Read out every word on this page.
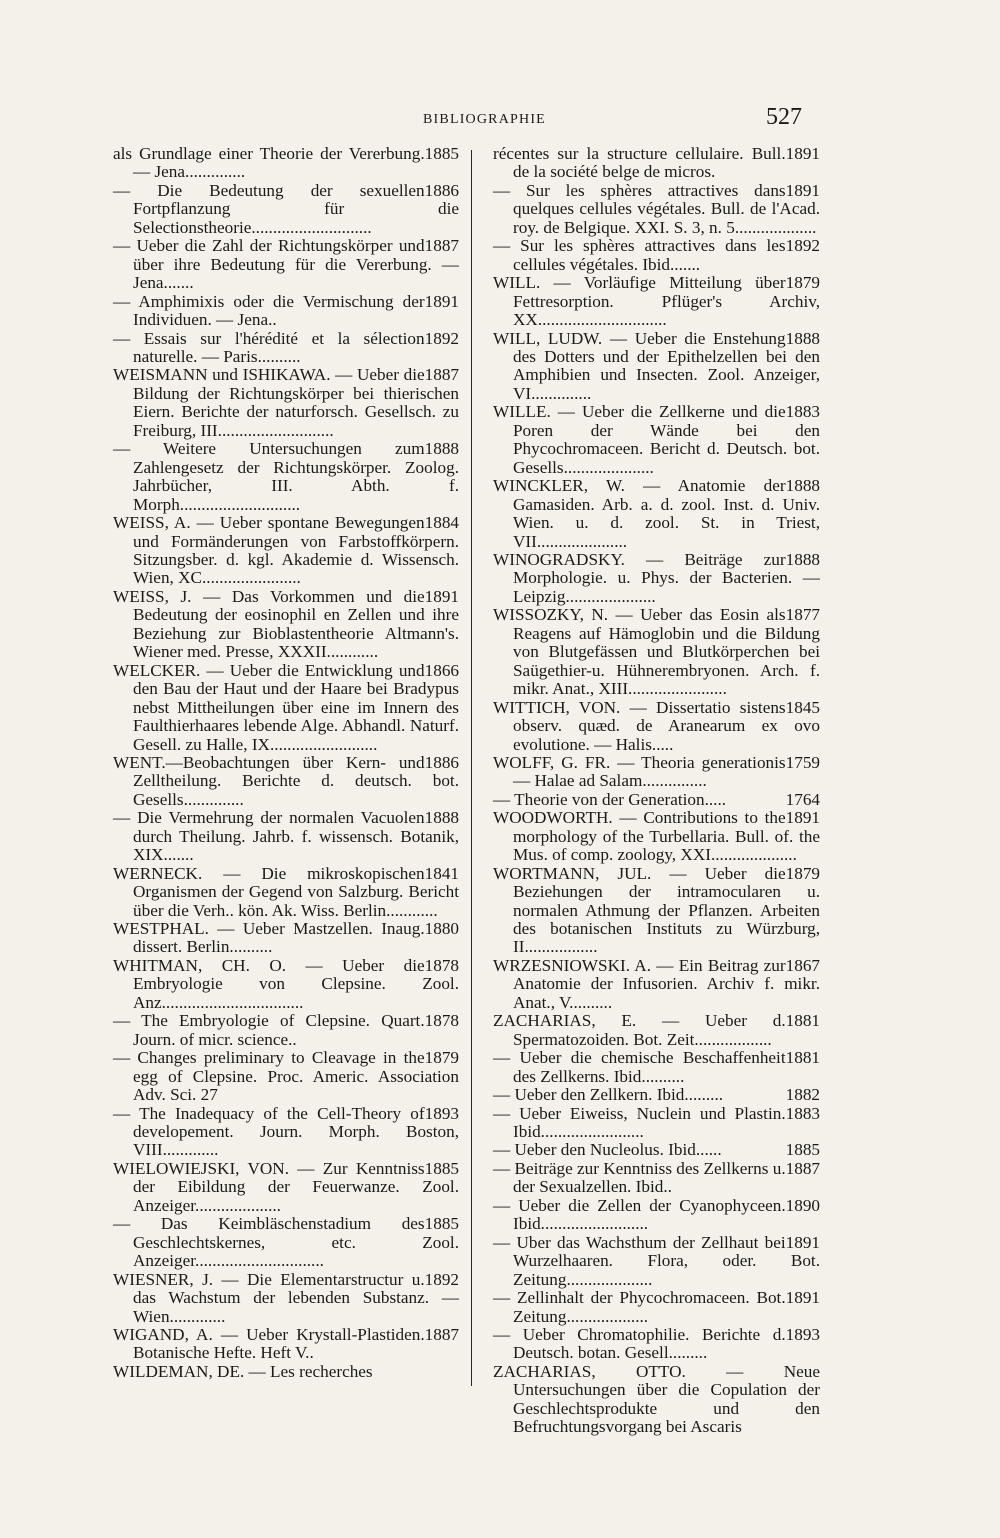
BIBLIOGRAPHIE	527

1885
als Grundlage einer Theorie der Vererbung. — Jena..............

1886
— Die Bedeutung der sexuellen Fortpflanzung für die Selectionstheorie............................

1887
— Ueber die Zahl der Richtungskörper und über ihre Bedeutung für die Vererbung. — Jena.......

1891
— Amphimixis oder die Vermischung der Individuen. — Jena..

1892
— Essais sur l'hérédité et la sélection naturelle. — Paris..........

1887
WEISMANN und ISHIKAWA. — Ueber die Bildung der Richtungskörper bei thierischen Eiern. Berichte der naturforsch. Gesellsch. zu Freiburg, III...........................

1888
— Weitere Untersuchungen zum Zahlengesetz der Richtungskörper. Zoolog. Jahrbücher, III. Abth. f. Morph............................

1884
WEISS, A. — Ueber spontane Bewegungen und Formänderungen von Farbstoffkörpern. Sitzungsber. d. kgl. Akademie d. Wissensch. Wien, XC.......................

1891
WEISS, J. — Das Vorkommen und die Bedeutung der eosinophil en Zellen und ihre Beziehung zur Bioblastentheorie Altmann's. Wiener med. Presse, XXXII............

1866
WELCKER. — Ueber die Entwicklung und den Bau der Haut und der Haare bei Bradypus nebst Mittheilungen über eine im Innern des Faulthierhaares lebende Alge. Abhandl. Naturf. Gesell. zu Halle, IX.........................

1886
WENT.—Beobachtungen über Kern- und Zelltheilung. Berichte d. deutsch. bot. Gesells..............

1888
— Die Vermehrung der normalen Vacuolen durch Theilung. Jahrb. f. wissensch. Botanik, XIX.......

1841
WERNECK. — Die mikroskopischen Organismen der Gegend von Salzburg. Bericht über die Verh.. kön. Ak. Wiss. Berlin............

1880
WESTPHAL. — Ueber Mastzellen. Inaug. dissert. Berlin..........

1878
WHITMAN, CH. O. — Ueber die Embryologie von Clepsine. Zool. Anz.................................

1878
— The Embryologie of Clepsine. Quart. Journ. of micr. science..

1879
— Changes preliminary to Cleavage in the egg of Clepsine. Proc. Americ. Association Adv. Sci. 27

1893
— The Inadequacy of the Cell-Theory of developement. Journ. Morph. Boston, VIII.............

1885
WIELOWIEJSKI, VON. — Zur Kenntniss der Eibildung der Feuerwanze. Zool. Anzeiger....................

1885
— Das Keimbläschenstadium des Geschlechtskernes, etc. Zool. Anzeiger..............................

1892
WIESNER, J. — Die Elementarstructur u. das Wachstum der lebenden Substanz. — Wien.............

1887
WIGAND, A. — Ueber Krystall-Plastiden. Botanische Hefte. Heft V..

WILDEMAN, DE. — Les recherches

1891
récentes sur la structure cellulaire. Bull. de la société belge de micros.

1891
— Sur les sphères attractives dans quelques cellules végétales. Bull. de l'Acad. roy. de Belgique. XXI. S. 3, n. 5...................

1892
— Sur les sphères attractives dans les cellules végétales. Ibid.......

1879
WILL. — Vorläufige Mitteilung über Fettresorption. Pflüger's Archiv, XX..............................

1888
WILL, LUDW. — Ueber die Enstehung des Dotters und der Epithelzellen bei den Amphibien und Insecten. Zool. Anzeiger, VI..............

1883
WILLE. — Ueber die Zellkerne und die Poren der Wände bei den Phycochromaceen. Bericht d. Deutsch. bot. Gesells.....................

1888
WINCKLER, W. — Anatomie der Gamasiden. Arb. a. d. zool. Inst. d. Univ. Wien. u. d. zool. St. in Triest, VII.....................

1888
WINOGRADSKY. — Beiträge zur Morphologie. u. Phys. der Bacterien. — Leipzig.....................

1877
WISSOZKY, N. — Ueber das Eosin als Reagens auf Hämoglobin und die Bildung von Blutgefässen und Blutkörperchen bei Saügethier-u. Hühnerembryonen. Arch. f. mikr. Anat., XIII.......................

1845
WITTICH, VON. — Dissertatio sistens observ. quæd. de Aranearum ex ovo evolutione. — Halis.....

1759
WOLFF, G. FR. — Theoria generationis — Halae ad Salam...............

1764
— Theorie von der Generation.....

1891
WOODWORTH. — Contributions to the morphology of the Turbellaria. Bull. of. the Mus. of comp. zoology, XXI....................

1879
WORTMANN, JUL. — Ueber die Beziehungen der intramocularen u. normalen Athmung der Pflanzen. Arbeiten des botanischen Instituts zu Würzburg, II.................

1867
WRZESNIOWSKI. A. — Ein Beitrag zur Anatomie der Infusorien. Archiv f. mikr. Anat., V..........

1881
ZACHARIAS, E. — Ueber d. Spermatozoiden. Bot. Zeit..................

1881
— Ueber die chemische Beschaffenheit des Zellkerns. Ibid..........

1882
— Ueber den Zellkern. Ibid.........

1883
— Ueber Eiweiss, Nuclein und Plastin. Ibid........................

1885
— Ueber den Nucleolus. Ibid......

1887
— Beiträge zur Kenntniss des Zellkerns u. der Sexualzellen. Ibid..

1890
— Ueber die Zellen der Cyanophyceen. Ibid.........................

1891
— Uber das Wachsthum der Zellhaut bei Wurzelhaaren. Flora, oder. Bot. Zeitung....................

1891
— Zellinhalt der Phycochromaceen. Bot. Zeitung...................

1893
— Ueber Chromatophilie. Berichte d. Deutsch. botan. Gesell.........

ZACHARIAS, OTTO. — Neue Untersuchungen über die Copulation der Geschlechtsprodukte und den Befruchtungsvorgang bei Ascaris
